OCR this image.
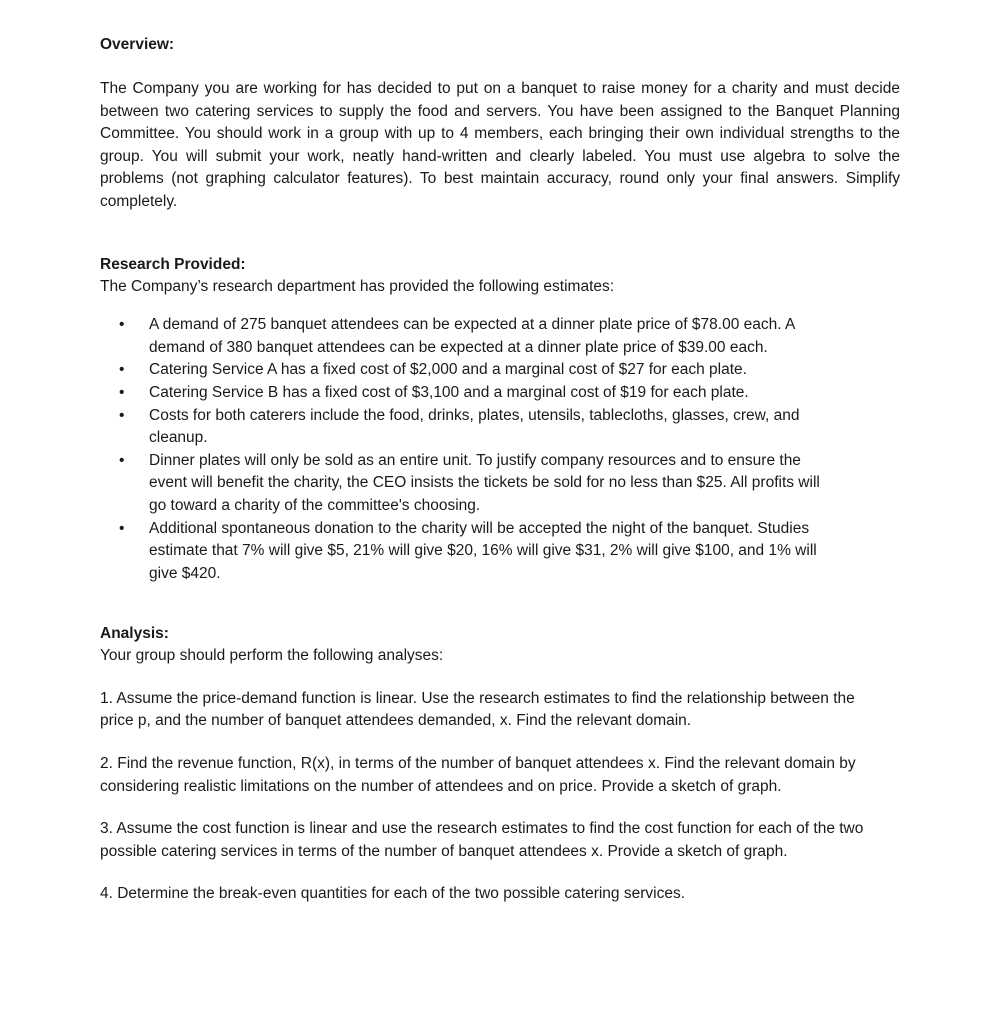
Overview:

The Company you are working for has decided to put on a banquet to raise money for a charity and must decide between two catering services to supply the food and servers. You have been assigned to the Banquet Planning Committee. You should work in a group with up to 4 members, each bringing their own individual strengths to the group. You will submit your work, neatly hand-written and clearly labeled. You must use algebra to solve the problems (not graphing calculator features). To best maintain accuracy, round only your final answers. Simplify completely.

Research Provided:

The Company’s research department has provided the following estimates:

• A demand of 275 banquet attendees can be expected at a dinner plate price of $78.00 each. A demand of 380 banquet attendees can be expected at a dinner plate price of $39.00 each.
• Catering Service A has a fixed cost of $2,000 and a marginal cost of $27 for each plate.
• Catering Service B has a fixed cost of $3,100 and a marginal cost of $19 for each plate.
• Costs for both caterers include the food, drinks, plates, utensils, tablecloths, glasses, crew, and cleanup.
• Dinner plates will only be sold as an entire unit. To justify company resources and to ensure the event will benefit the charity, the CEO insists the tickets be sold for no less than $25. All profits will go toward a charity of the committee's choosing.
• Additional spontaneous donation to the charity will be accepted the night of the banquet. Studies estimate that 7% will give $5, 21% will give $20, 16% will give $31, 2% will give $100, and 1% will give $420.

Analysis:

Your group should perform the following analyses:

1. Assume the price-demand function is linear. Use the research estimates to find the relationship between the price p, and the number of banquet attendees demanded, x. Find the relevant domain.

2. Find the revenue function, R(x), in terms of the number of banquet attendees x. Find the relevant domain by considering realistic limitations on the number of attendees and on price. Provide a sketch of graph.

3. Assume the cost function is linear and use the research estimates to find the cost function for each of the two possible catering services in terms of the number of banquet attendees x. Provide a sketch of graph.

4. Determine the break-even quantities for each of the two possible catering services.
